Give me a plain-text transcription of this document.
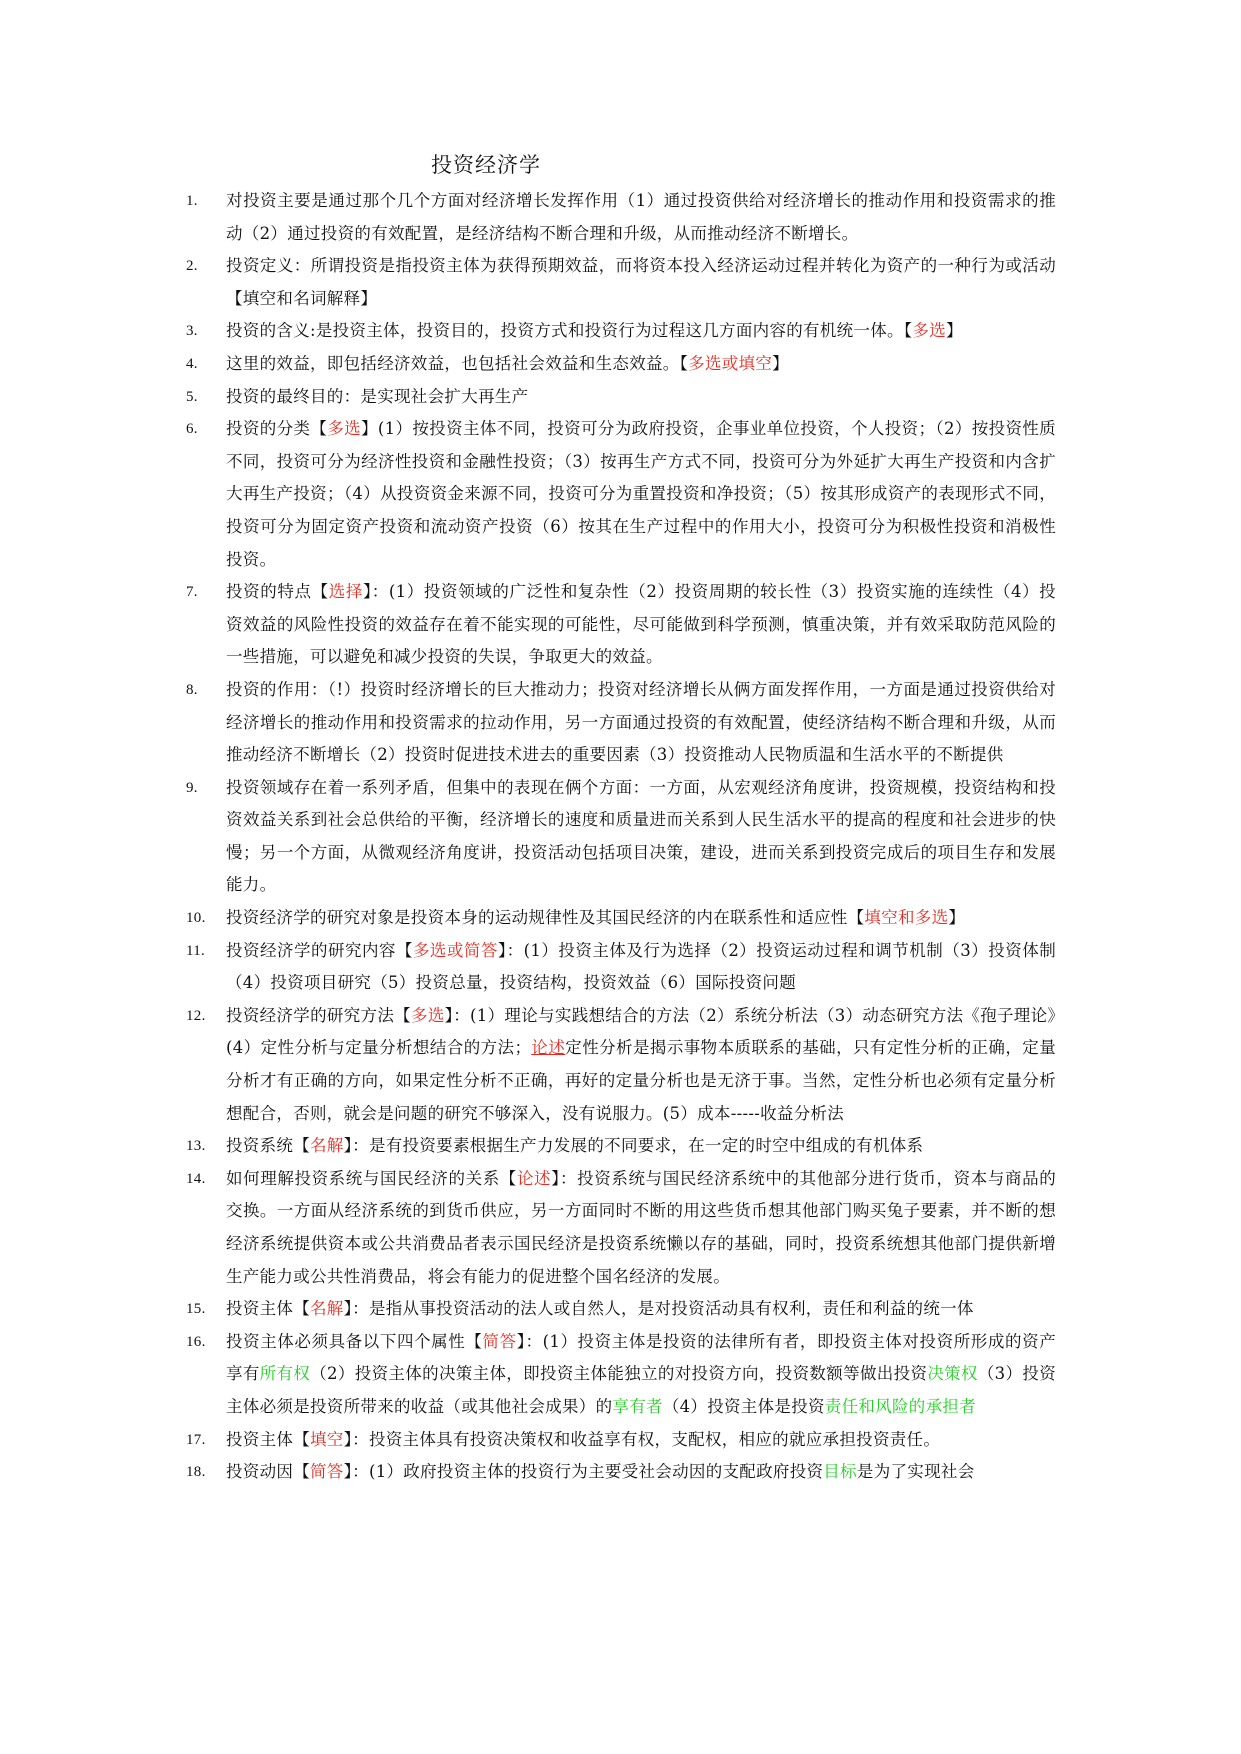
投资经济学
1.	对投资主要是通过那个几个方面对经济增长发挥作用（1）通过投资供给对经济增长的推动作用和投资需求的推动（2）通过投资的有效配置，是经济结构不断合理和升级，从而推动经济不断增长。
2.	投资定义：所谓投资是指投资主体为获得预期效益，而将资本投入经济运动过程并转化为资产的一种行为或活动【填空和名词解释】
3.	投资的含义:是投资主体，投资目的，投资方式和投资行为过程这几方面内容的有机统一体。【多选】
4.	这里的效益，即包括经济效益，也包括社会效益和生态效益。【多选或填空】
5.	投资的最终目的：是实现社会扩大再生产
6.	投资的分类【多选】(1）按投资主体不同，投资可分为政府投资，企事业单位投资，个人投资；（2）按投资性质不同，投资可分为经济性投资和金融性投资；（3）按再生产方式不同，投资可分为外延扩大再生产投资和内含扩大再生产投资；（4）从投资资金来源不同，投资可分为重置投资和净投资；（5）按其形成资产的表现形式不同，投资可分为固定资产投资和流动资产投资（6）按其在生产过程中的作用大小，投资可分为积极性投资和消极性投资。
7.	投资的特点【选择】：(1）投资领域的广泛性和复杂性（2）投资周期的较长性（3）投资实施的连续性（4）投资效益的风险性投资的效益存在着不能实现的可能性，尽可能做到科学预测，慎重决策，并有效采取防范风险的一些措施，可以避免和减少投资的失误，争取更大的效益。
8.	投资的作用：（!）投资时经济增长的巨大推动力；投资对经济增长从俩方面发挥作用，一方面是通过投资供给对经济增长的推动作用和投资需求的拉动作用，另一方面通过投资的有效配置，使经济结构不断合理和升级，从而推动经济不断增长（2）投资时促进技术进去的重要因素（3）投资推动人民物质温和生活水平的不断提供
9.	投资领域存在着一系列矛盾，但集中的表现在俩个方面：一方面，从宏观经济角度讲，投资规模，投资结构和投资效益关系到社会总供给的平衡，经济增长的速度和质量进而关系到人民生活水平的提高的程度和社会进步的快慢；另一个方面，从微观经济角度讲，投资活动包括项目决策，建设，进而关系到投资完成后的项目生存和发展能力。
10.	投资经济学的研究对象是投资本身的运动规律性及其国民经济的内在联系性和适应性【填空和多选】
11.	投资经济学的研究内容【多选或简答】：(1）投资主体及行为选择（2）投资运动过程和调节机制（3）投资体制（4）投资项目研究（5）投资总量，投资结构，投资效益（6）国际投资问题
12.	投资经济学的研究方法【多选】：(1）理论与实践想结合的方法（2）系统分析法（3）动态研究方法《孢子理论》(4）定性分析与定量分析想结合的方法；论述定性分析是揭示事物本质联系的基础，只有定性分析的正确，定量分析才有正确的方向，如果定性分析不正确，再好的定量分析也是无济于事。当然，定性分析也必须有定量分析想配合，否则，就会是问题的研究不够深入，没有说服力。(5）成本-----收益分析法
13.	投资系统【名解】：是有投资要素根据生产力发展的不同要求，在一定的时空中组成的有机体系
14.	如何理解投资系统与国民经济的关系【论述】：投资系统与国民经济系统中的其他部分进行货币，资本与商品的交换。一方面从经济系统的到货币供应，另一方面同时不断的用这些货币想其他部门购买兔子要素，并不断的想经济系统提供资本或公共消费品者表示国民经济是投资系统懒以存的基础，同时，投资系统想其他部门提供新增生产能力或公共性消费品，将会有能力的促进整个国名经济的发展。
15.	投资主体【名解】：是指从事投资活动的法人或自然人，是对投资活动具有权利，责任和利益的统一体
16.	投资主体必须具备以下四个属性【简答】：(1）投资主体是投资的法律所有者，即投资主体对投资所形成的资产享有所有权（2）投资主体的决策主体，即投资主体能独立的对投资方向，投资数额等做出投资决策权（3）投资主体必须是投资所带来的收益（或其他社会成果）的享有者（4）投资主体是投资责任和风险的承担者
17.	投资主体【填空】：投资主体具有投资决策权和收益享有权，支配权，相应的就应承担投资责任。
18.	投资动因【简答】：(1）政府投资主体的投资行为主要受社会动因的支配政府投资目标是为了实现社会
